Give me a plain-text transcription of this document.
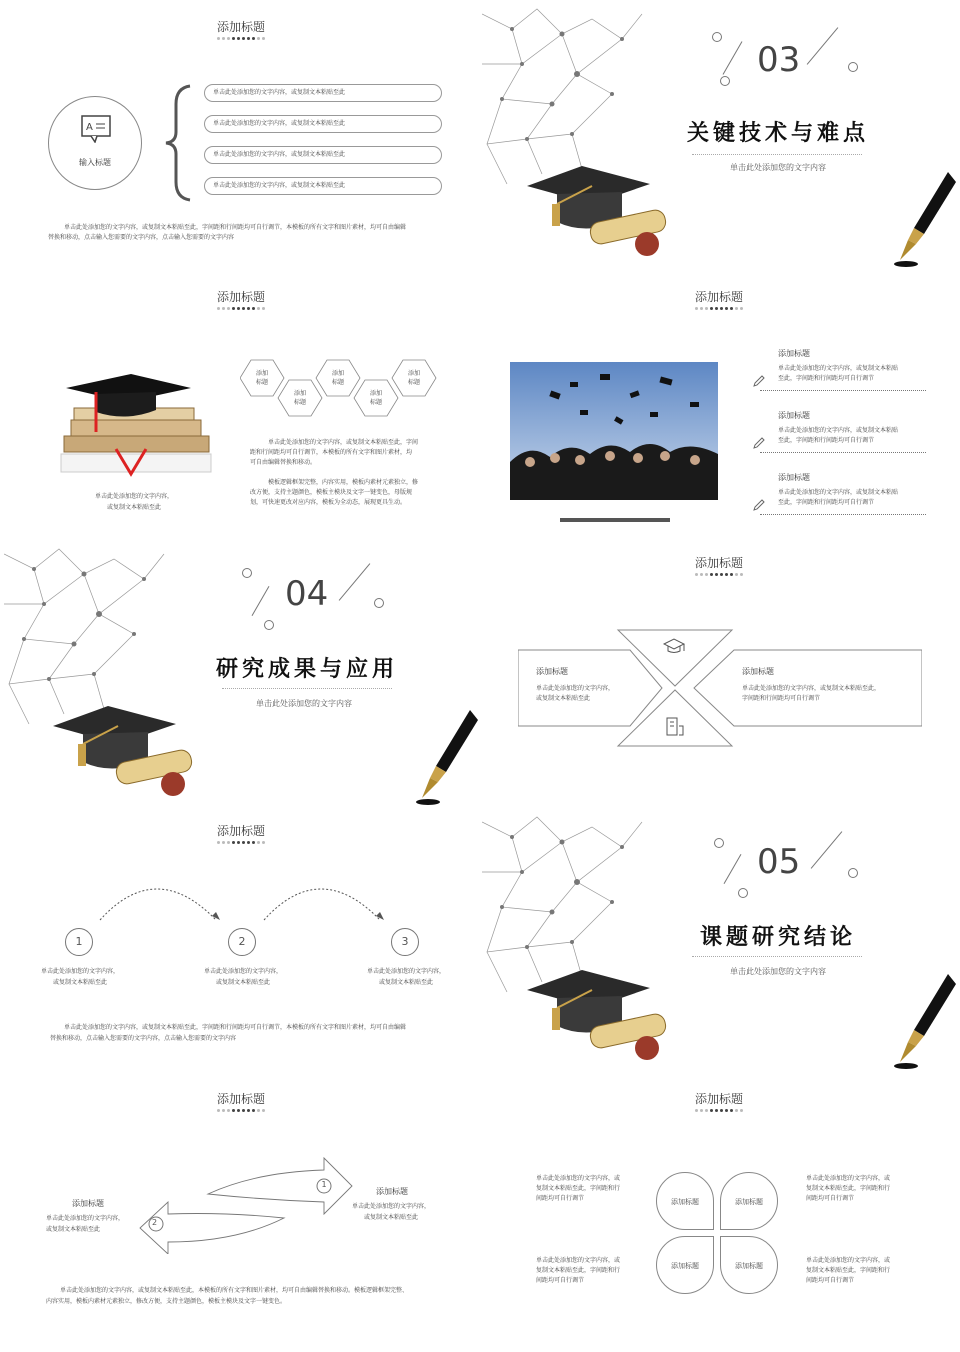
添加标题
A
输入标题
单击此处添加您的文字内容，或复制文本粘贴至此
单击此处添加您的文字内容，或复制文本粘贴至此
单击此处添加您的文字内容，或复制文本粘贴至此
单击此处添加您的文字内容，或复制文本粘贴至此
单击此处添加您的文字内容，或复制文本粘贴至此，字间距和行间距均可自行调节，本模板的所有文字和图片素材，均可自由编辑
替换和移动，点击输入您需要的文字内容，点击输入您需要的文字内容
03
关键技术与难点
单击此处添加您的文字内容
添加标题
单击此处添加您的文字内容，
或复制文本粘贴至此
添加
标题
添加
标题
添加
标题
添加
标题
添加
标题
单击此处添加您的文字内容，或复制文本粘贴至此，字间
距和行间距均可自行调节，本模板的所有文字和图片素材，均
可自由编辑替换和移动。
模板逻辑框架完整，内容实用，模板内素材元素独立，修
改方便，支持主题颜色，模板主模块及文字一键变色，母版规
划，可快速更改对应内容，模板为全动态，展现更具生动。
添加标题
添加标题
单击此处添加您的文字内容，或复制文本粘贴
至此，字间距和行间距均可自行调节
添加标题
单击此处添加您的文字内容，或复制文本粘贴
至此，字间距和行间距均可自行调节
添加标题
单击此处添加您的文字内容，或复制文本粘贴
至此，字间距和行间距均可自行调节
04
研究成果与应用
单击此处添加您的文字内容
添加标题
添加标题
单击此处添加您的文字内容，
或复制文本粘贴至此
添加标题
单击此处添加您的文字内容，或复制文本粘贴至此，
字间距和行间距均可自行调节
添加标题
1	2	3
单击此处添加您的文字内容，
或复制文本粘贴至此
单击此处添加您的文字内容，
或复制文本粘贴至此
单击此处添加您的文字内容，
或复制文本粘贴至此
单击此处添加您的文字内容，或复制文本粘贴至此，字间距和行间距均可自行调节，本模板的所有文字和图片素材，均可自由编辑
替换和移动，点击输入您需要的文字内容，点击输入您需要的文字内容
05
课题研究结论
单击此处添加您的文字内容
添加标题
1
2
添加标题
单击此处添加您的文字内容，
或复制文本粘贴至此
添加标题
单击此处添加您的文字内容，
或复制文本粘贴至此
单击此处添加您的文字内容，或复制文本粘贴至此，本模板的所有文字和图片素材，均可自由编辑替换和移动。模板逻辑框架完整、
内容实用，模板内素材元素独立，修改方便，支持主题颜色，模板主模块及文字一键变色。
添加标题
添加标题	添加标题
添加标题	添加标题
单击此处添加您的文字内容，或
复制文本粘贴至此，字间距和行
间距均可自行调节
单击此处添加您的文字内容，或
复制文本粘贴至此，字间距和行
间距均可自行调节
单击此处添加您的文字内容，或
复制文本粘贴至此，字间距和行
间距均可自行调节
单击此处添加您的文字内容，或
复制文本粘贴至此，字间距和行
间距均可自行调节
